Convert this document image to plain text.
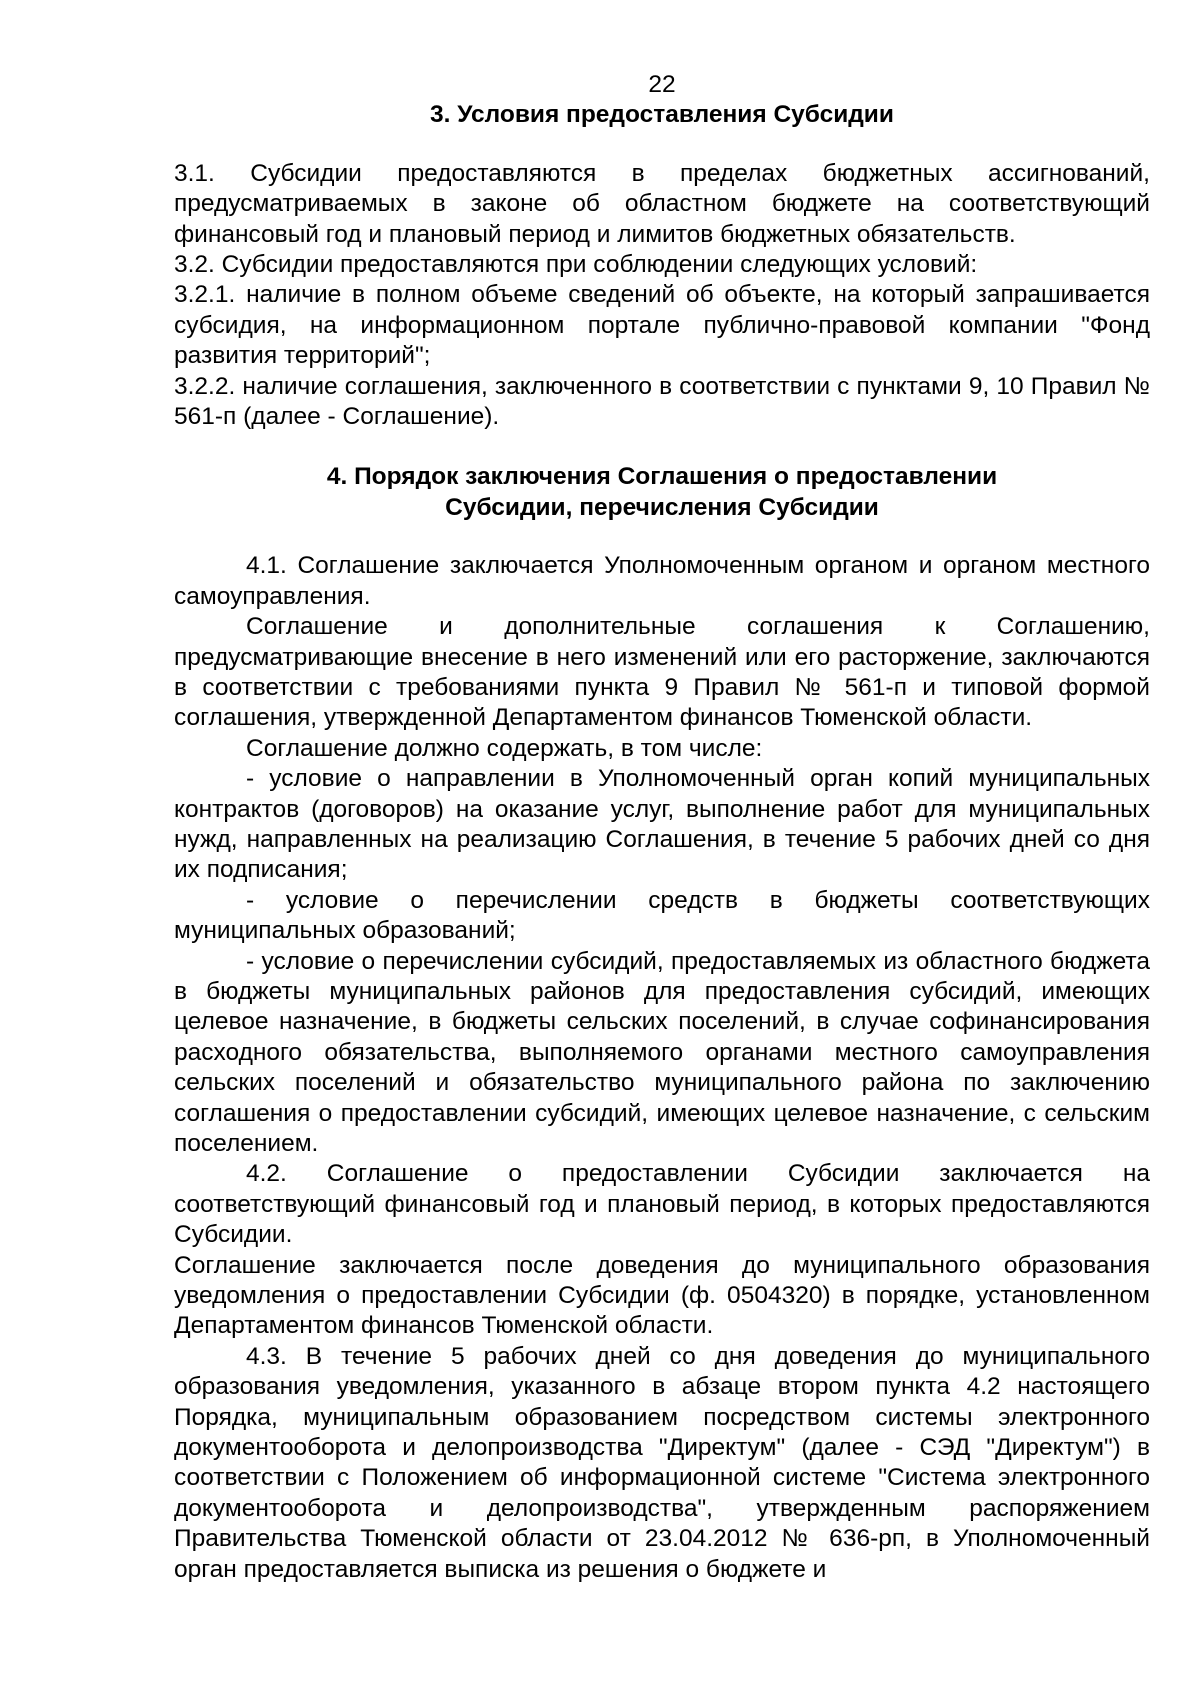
22

3. Условия предоставления Субсидии

3.1. Субсидии предоставляются в пределах бюджетных ассигнований, предусматриваемых в законе об областном бюджете на соответствующий финансовый год и плановый период и лимитов бюджетных обязательств.

3.2. Субсидии предоставляются при соблюдении следующих условий:

3.2.1. наличие в полном объеме сведений об объекте, на который запрашивается субсидия, на информационном портале публично-правовой компании "Фонд развития территорий";

3.2.2. наличие соглашения, заключенного в соответствии с пунктами 9, 10 Правил № 561-п (далее - Соглашение).

4. Порядок заключения Соглашения о предоставлении

Субсидии, перечисления Субсидии

4.1. Соглашение заключается Уполномоченным органом и органом местного самоуправления.

Соглашение и дополнительные соглашения к Соглашению, предусматривающие внесение в него изменений или его расторжение, заключаются в соответствии с требованиями пункта 9 Правил № 561-п и типовой формой соглашения, утвержденной Департаментом финансов Тюменской области.

Соглашение должно содержать, в том числе:

- условие о направлении в Уполномоченный орган копий муниципальных контрактов (договоров) на оказание услуг, выполнение работ для муниципальных нужд, направленных на реализацию Соглашения, в течение 5 рабочих дней со дня их подписания;

- условие о перечислении средств в бюджеты соответствующих муниципальных образований;

- условие о перечислении субсидий, предоставляемых из областного бюджета в бюджеты муниципальных районов для предоставления субсидий, имеющих целевое назначение, в бюджеты сельских поселений, в случае софинансирования расходного обязательства, выполняемого органами местного самоуправления сельских поселений и обязательство муниципального района по заключению соглашения о предоставлении субсидий, имеющих целевое назначение, с сельским поселением.

4.2. Соглашение о предоставлении Субсидии заключается на соответствующий финансовый год и плановый период, в которых предоставляются Субсидии.

Соглашение заключается после доведения до муниципального образования уведомления о предоставлении Субсидии (ф. 0504320) в порядке, установленном Департаментом финансов Тюменской области.

4.3. В течение 5 рабочих дней со дня доведения до муниципального образования уведомления, указанного в абзаце втором пункта 4.2 настоящего Порядка, муниципальным образованием посредством системы электронного документооборота и делопроизводства "Директум" (далее - СЭД "Директум") в соответствии с Положением об информационной системе "Система электронного документооборота и делопроизводства", утвержденным распоряжением Правительства Тюменской области от 23.04.2012 № 636-рп, в Уполномоченный орган предоставляется выписка из решения о бюджете и
